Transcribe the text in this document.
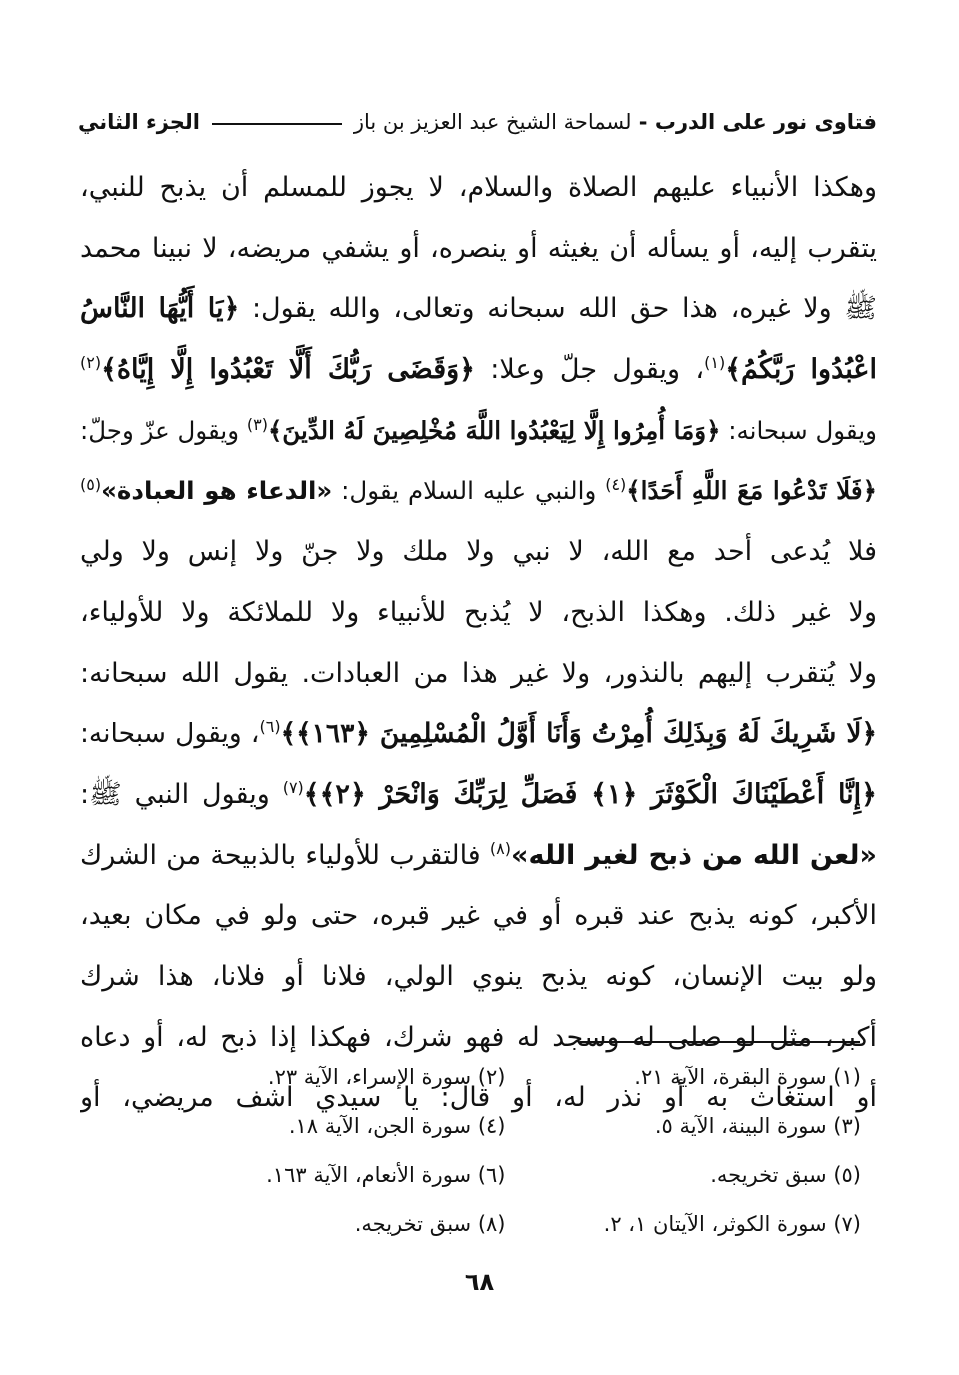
فتاوى نور على الدرب - لسماحة الشيخ عبد العزيز بن باز
الجزء الثاني
وهكذا الأنبياء عليهم الصلاة والسلام، لا يجوز للمسلم أن يذبح للنبي،
يتقرب إليه، أو يسأله أن يغيثه أو ينصره، أو يشفي مريضه، لا نبينا محمد
ﷺ ولا غيره، هذا حق الله سبحانه وتعالى، والله يقول: ﴿يَا أَيُّهَا النَّاسُ
اعْبُدُوا رَبَّكُمُ﴾$^{(١)}$، ويقول جلّ وعلا: ﴿وَقَضَى رَبُّكَ أَلَّا تَعْبُدُوا إِلَّا إِيَّاهُ﴾$^{(٢)}$
ويقول سبحانه: ﴿وَمَا أُمِرُوا إِلَّا لِيَعْبُدُوا اللَّهَ مُخْلِصِينَ لَهُ الدِّينَ﴾$^{(٣)}$ ويقول عزّ وجلّ:
﴿فَلَا تَدْعُوا مَعَ اللَّهِ أَحَدًا﴾$^{(٤)}$ والنبي عليه السلام يقول: «الدعاء هو العبادة»$^{(٥)}$
فلا يُدعى أحد مع الله، لا نبي ولا ملك ولا جنّ ولا إنس ولا ولي
ولا غير ذلك. وهكذا الذبح، لا يُذبح للأنبياء ولا للملائكة ولا للأولياء،
ولا يُتقرب إليهم بالنذور، ولا غير هذا من العبادات. يقول الله سبحانه:
﴿لَا شَرِيكَ لَهُ وَبِذَلِكَ أُمِرْتُ وَأَنَا أَوَّلُ الْمُسْلِمِينَ ﴿١٦٣﴾﴾$^{(٦)}$، ويقول سبحانه:
﴿إِنَّا أَعْطَيْنَاكَ الْكَوْثَرَ ﴿١﴾ فَصَلِّ لِرَبِّكَ وَانْحَرْ ﴿٢﴾﴾$^{(٧)}$ ويقول النبي ﷺ:
«لعن الله من ذبح لغير الله»$^{(٨)}$ فالتقرب للأولياء بالذبيحة من الشرك
الأكبر، كونه يذبح عند قبره أو في غير قبره، حتى ولو في مكان بعيد،
ولو بيت الإنسان، كونه يذبح ينوي الولي، فلانا أو فلانا، هذا شرك
أكبر، مثل لو صلى له وسجد له فهو شرك، فهكذا إذا ذبح له، أو دعاه
أو استغاث به أو نذر له، أو قال: يا سيدي اشف مريضي، أو
(١) سورة البقرة، الآية ٢١.
(٢) سورة الإسراء، الآية ٢٣.
(٣) سورة البينة، الآية ٥.
(٤) سورة الجن، الآية ١٨.
(٥) سبق تخريجه.
(٦) سورة الأنعام، الآية ١٦٣.
(٧) سورة الكوثر، الآيتان ١، ٢.
(٨) سبق تخريجه.
٦٨
